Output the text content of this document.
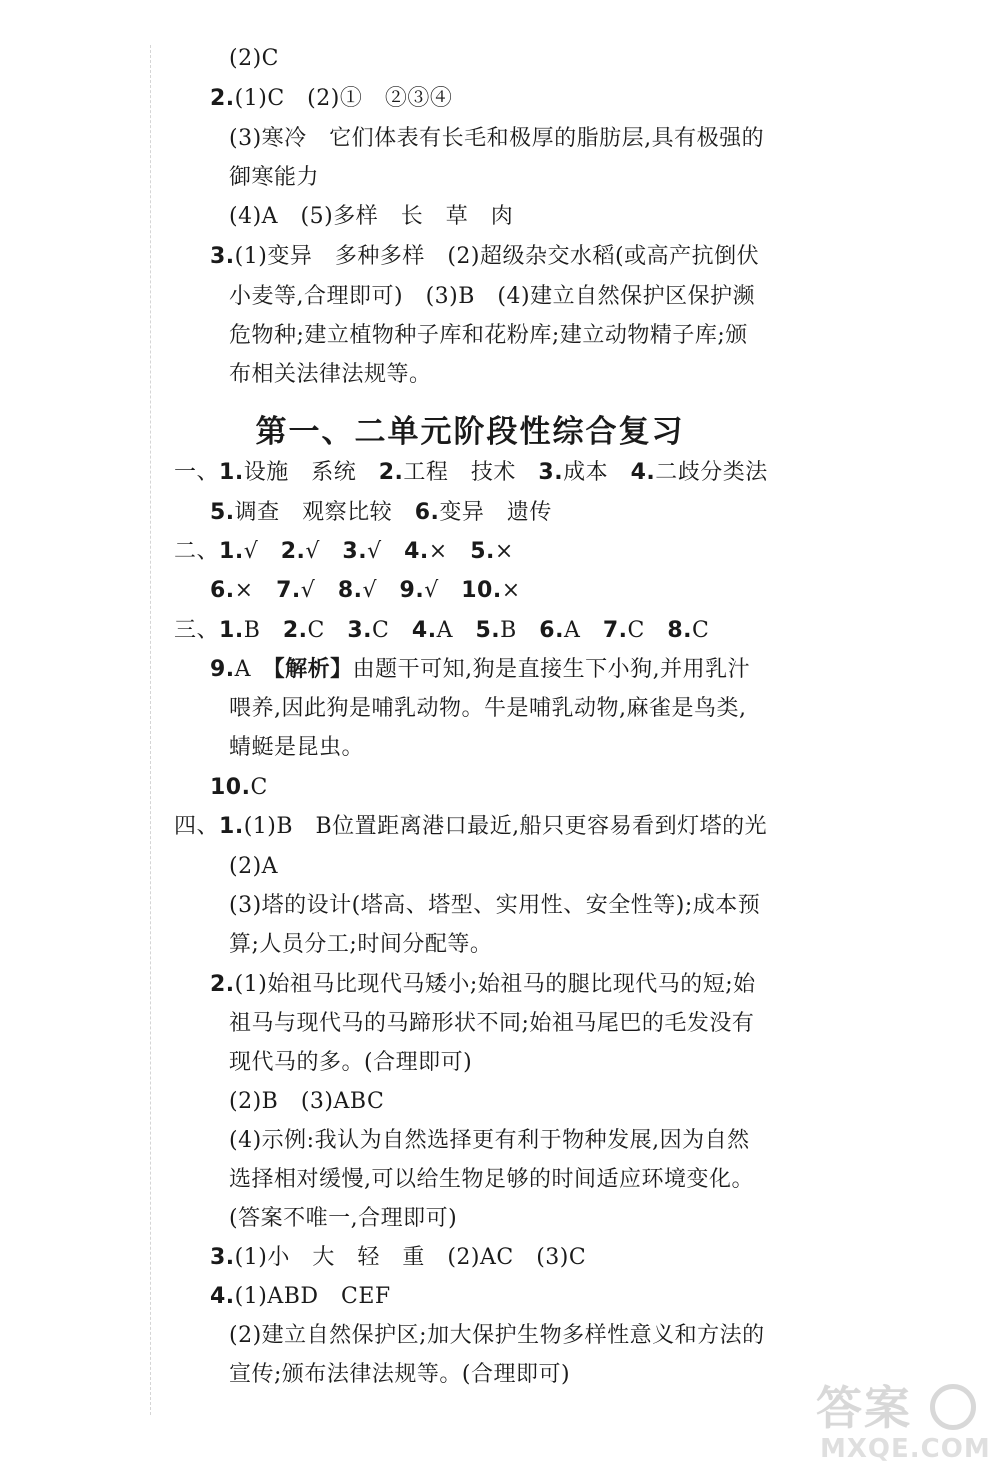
(2)C
2.(1)C　(2)①　②③④
(3)寒冷　它们体表有长毛和极厚的脂肪层,具有极强的
御寒能力
(4)A　(5)多样　长　草　肉
3.(1)变异　多种多样　(2)超级杂交水稻(或高产抗倒伏
小麦等,合理即可)　(3)B　(4)建立自然保护区保护濒
危物种;建立植物种子库和花粉库;建立动物精子库;颁
布相关法律法规等。
第一、二单元阶段性综合复习
一、1.设施　系统　2.工程　技术　3.成本　4.二歧分类法
5.调查　观察比较　6.变异　遗传
二、1.√　2.√　3.√　4.×　5.×
6.×　7.√　8.√　9.√　10.×
三、1.B　2.C　3.C　4.A　5.B　6.A　7.C　8.C
9.A　【解析】由题干可知,狗是直接生下小狗,并用乳汁
喂养,因此狗是哺乳动物。牛是哺乳动物,麻雀是鸟类,
蜻蜓是昆虫。
10.C
四、1.(1)B　B位置距离港口最近,船只更容易看到灯塔的光
(2)A
(3)塔的设计(塔高、塔型、实用性、安全性等);成本预
算;人员分工;时间分配等。
2.(1)始祖马比现代马矮小;始祖马的腿比现代马的短;始
祖马与现代马的马蹄形状不同;始祖马尾巴的毛发没有
现代马的多。(合理即可)
(2)B　(3)ABC
(4)示例:我认为自然选择更有利于物种发展,因为自然
选择相对缓慢,可以给生物足够的时间适应环境变化。
(答案不唯一,合理即可)
3.(1)小　大　轻　重　(2)AC　(3)C
4.(1)ABD　CEF
(2)建立自然保护区;加大保护生物多样性意义和方法的
宣传;颁布法律法规等。(合理即可)
答案
MXQE.COM
